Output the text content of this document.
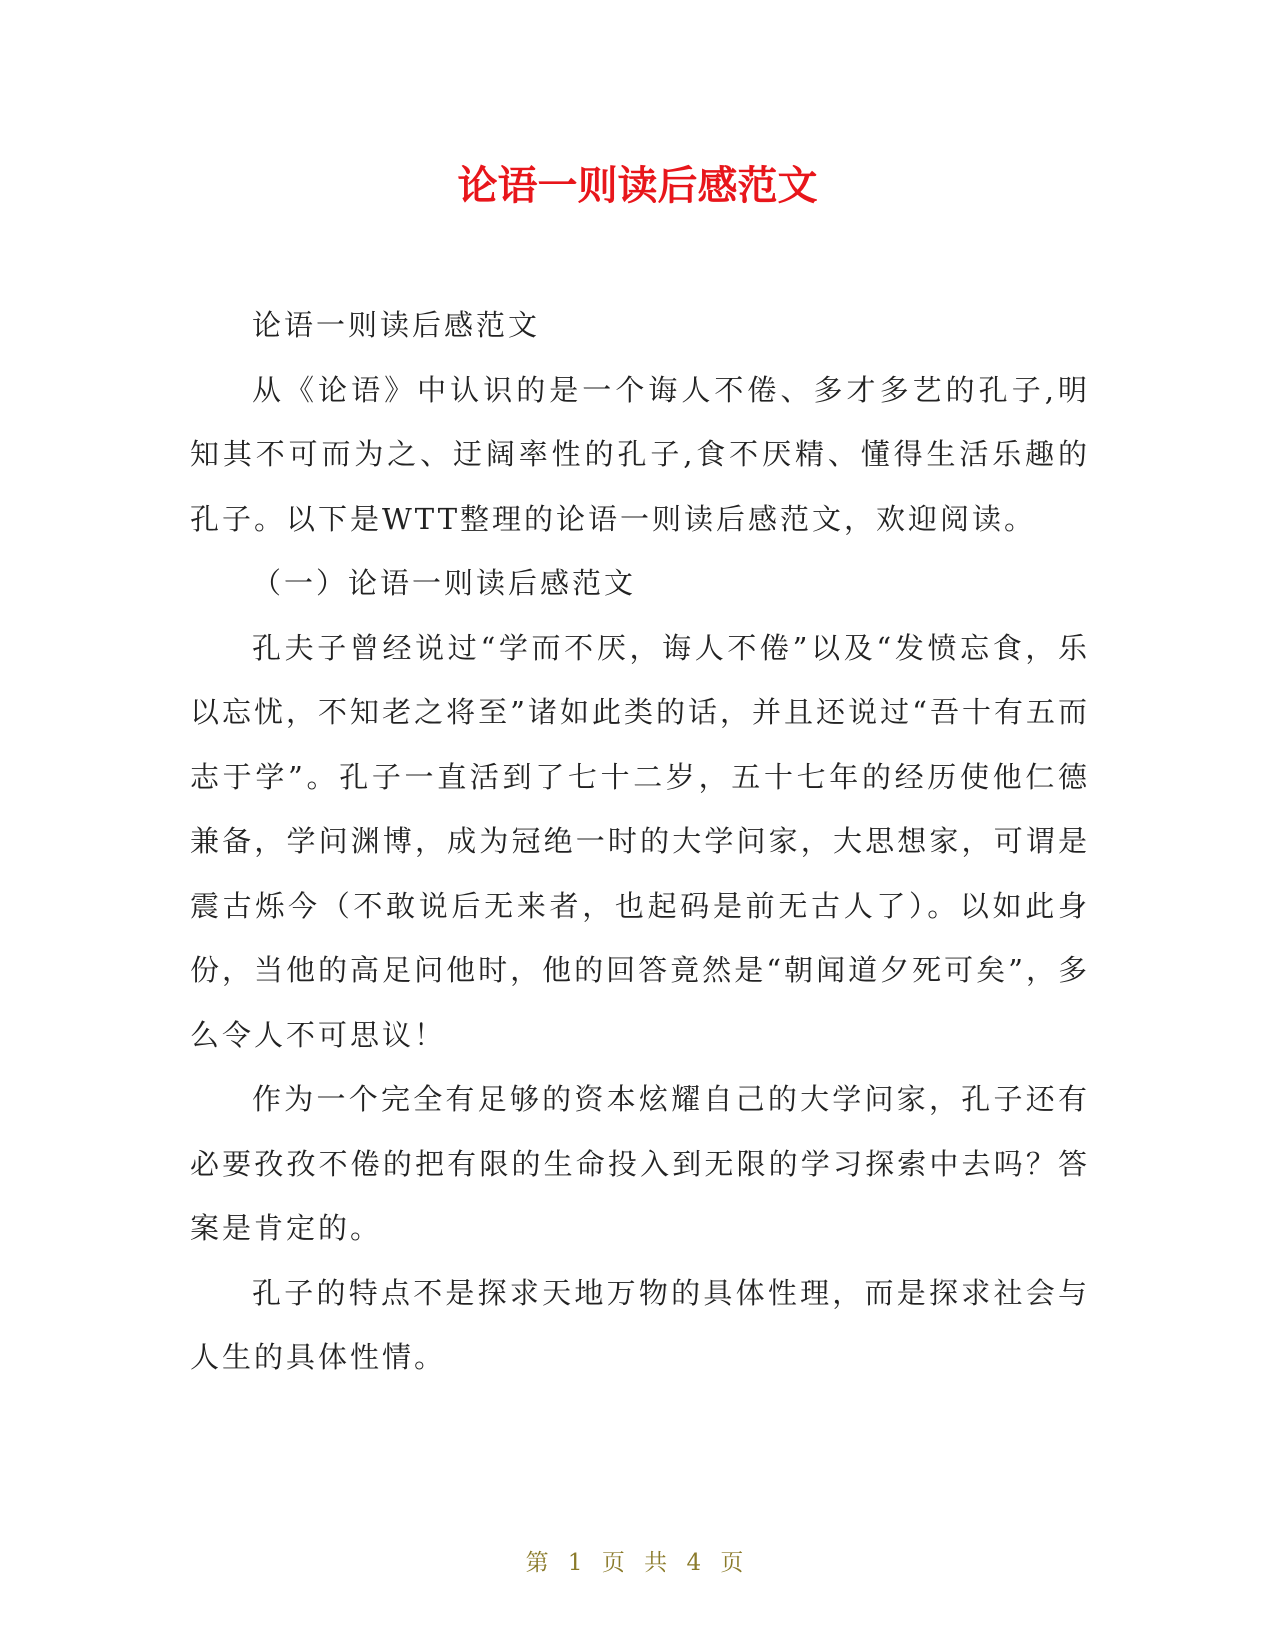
论语一则读后感范文

论语一则读后感范文

从《论语》中认识的是一个诲人不倦、多才多艺的孔子,明知其不可而为之、迂阔率性的孔子,食不厌精、懂得生活乐趣的孔子。以下是WTT整理的论语一则读后感范文，欢迎阅读。

（一）论语一则读后感范文

孔夫子曾经说过“学而不厌，诲人不倦”以及“发愤忘食，乐以忘忧，不知老之将至”诸如此类的话，并且还说过“吾十有五而志于学”。孔子一直活到了七十二岁，五十七年的经历使他仁德兼备，学问渊博，成为冠绝一时的大学问家，大思想家，可谓是震古烁今（不敢说后无来者，也起码是前无古人了）。以如此身份，当他的高足问他时，他的回答竟然是“朝闻道夕死可矣”，多么令人不可思议！

作为一个完全有足够的资本炫耀自己的大学问家，孔子还有必要孜孜不倦的把有限的生命投入到无限的学习探索中去吗？答案是肯定的。

孔子的特点不是探求天地万物的具体性理，而是探求社会与人生的具体性情。

第 1 页 共 4 页
